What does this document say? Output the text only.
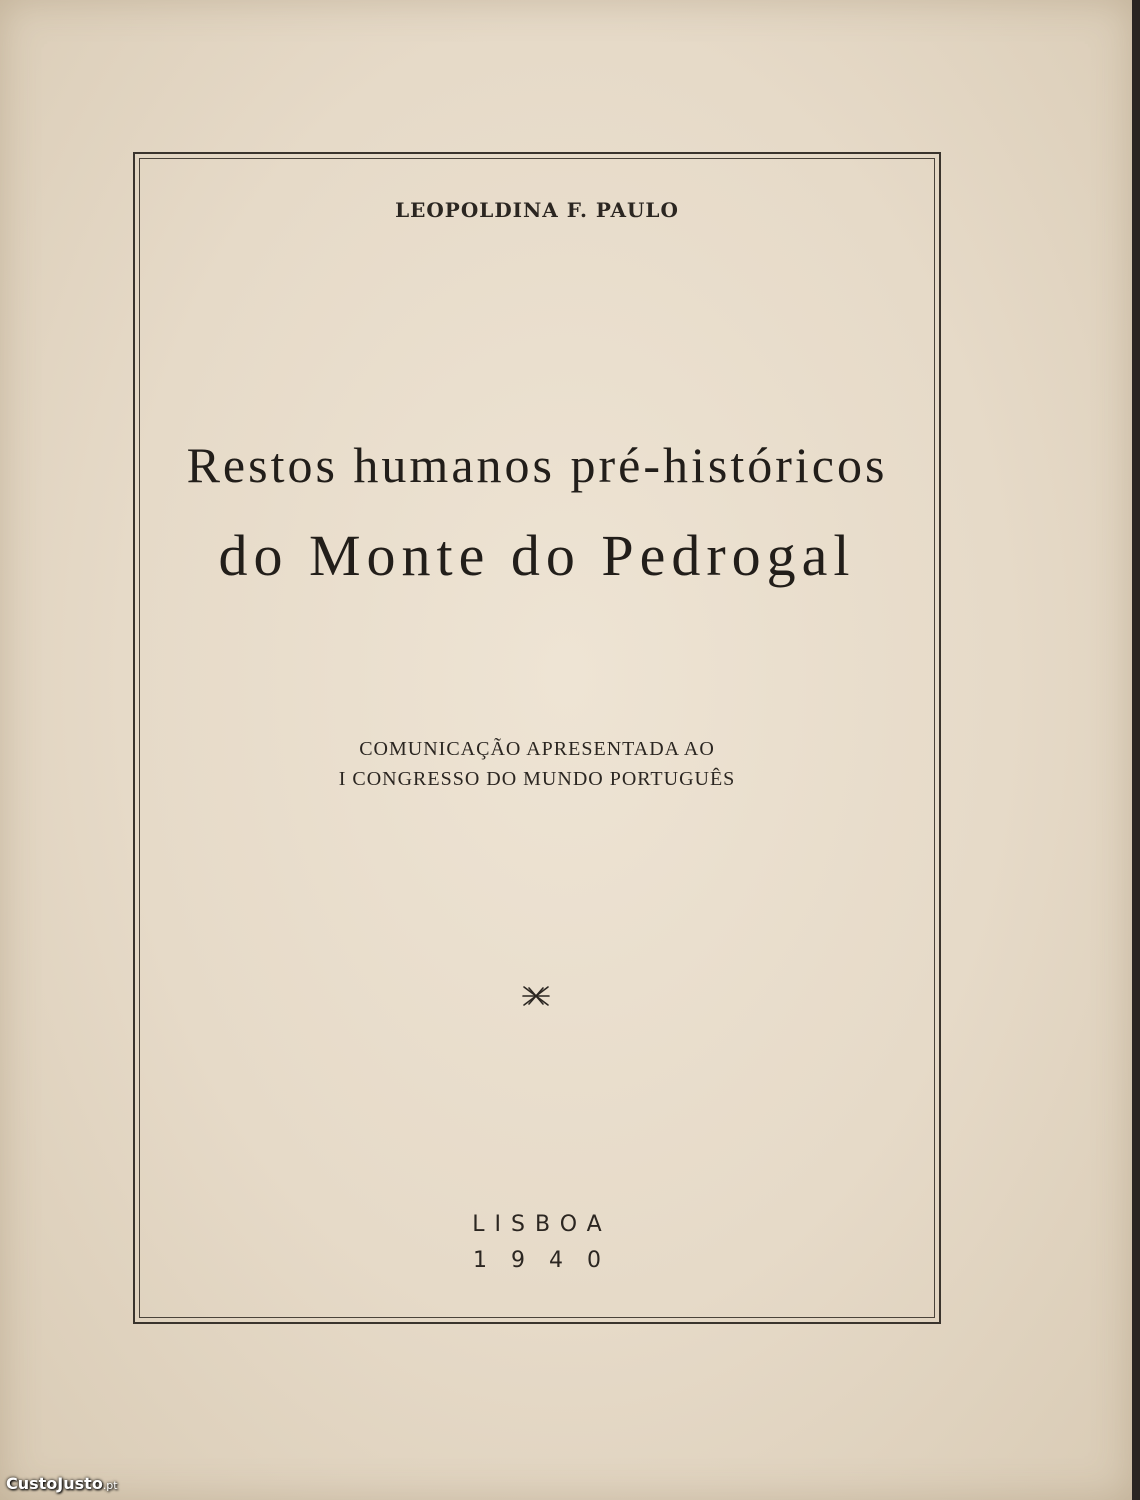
LEOPOLDINA F. PAULO
Restos humanos pré-históricos
do Monte do Pedrogal
COMUNICAÇÃO APRESENTADA AO
I CONGRESSO DO MUNDO PORTUGUÊS
LISBOA
1940
CustoJusto.pt
